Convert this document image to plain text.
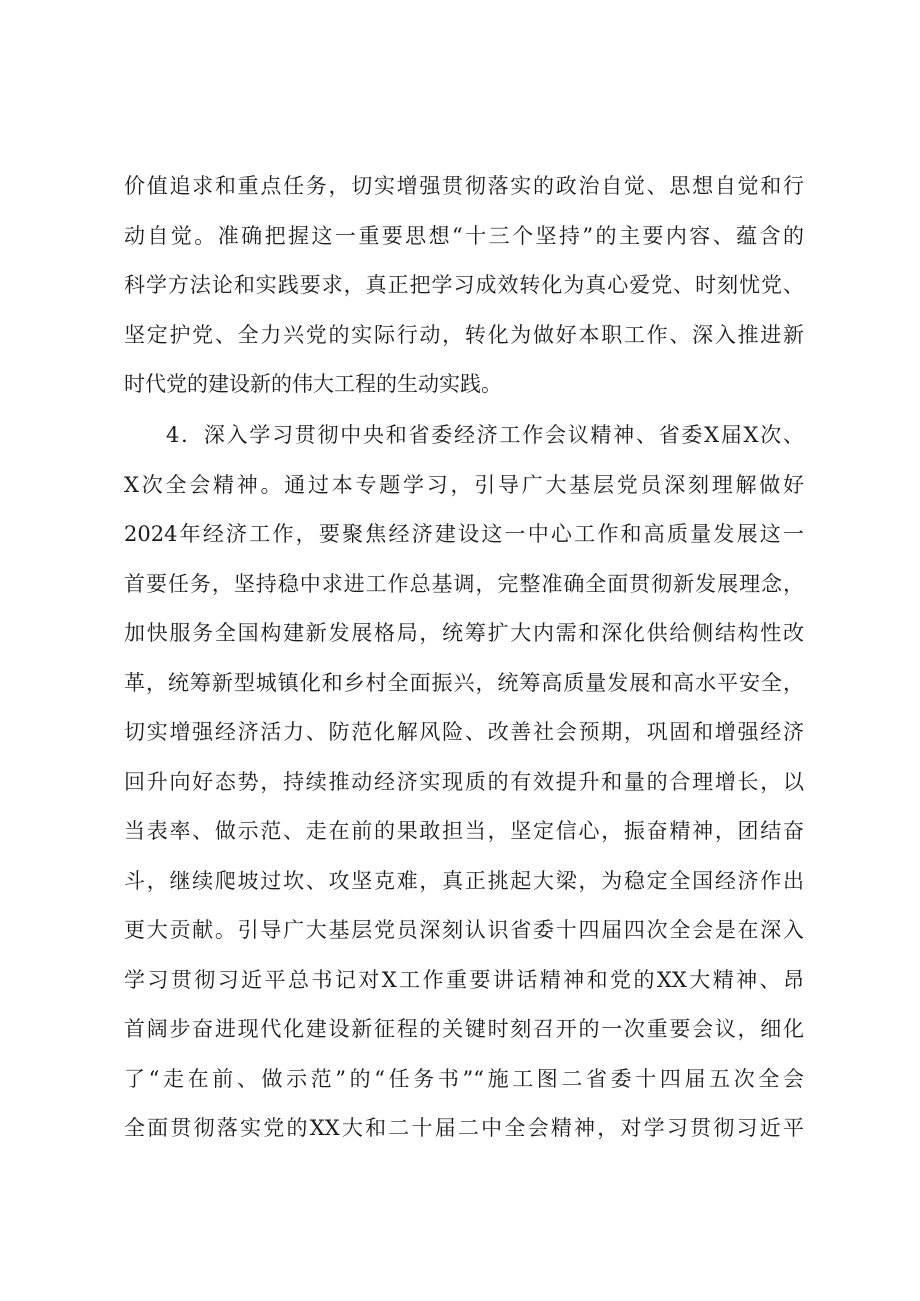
价值追求和重点任务，切实增强贯彻落实的政治自觉、思想自觉和行
动自觉。准确把握这一重要思想“十三个坚持”的主要内容、蕴含的
科学方法论和实践要求，真正把学习成效转化为真心爱党、时刻忧党、
坚定护党、全力兴党的实际行动，转化为做好本职工作、深入推进新
时代党的建设新的伟大工程的生动实践。
4．深入学习贯彻中央和省委经济工作会议精神、省委X届X次、
X次全会精神。通过本专题学习，引导广大基层党员深刻理解做好
2024年经济工作，要聚焦经济建设这一中心工作和高质量发展这一
首要任务，坚持稳中求进工作总基调，完整准确全面贯彻新发展理念，
加快服务全国构建新发展格局，统筹扩大内需和深化供给侧结构性改
革，统筹新型城镇化和乡村全面振兴，统筹高质量发展和高水平安全，
切实增强经济活力、防范化解风险、改善社会预期，巩固和增强经济
回升向好态势，持续推动经济实现质的有效提升和量的合理增长，以
当表率、做示范、走在前的果敢担当，坚定信心，振奋精神，团结奋
斗，继续爬坡过坎、攻坚克难，真正挑起大梁，为稳定全国经济作出
更大贡献。引导广大基层党员深刻认识省委十四届四次全会是在深入
学习贯彻习近平总书记对X工作重要讲话精神和党的XX大精神、昂
首阔步奋进现代化建设新征程的关键时刻召开的一次重要会议，细化
了“走在前、做示范”的“任务书”“施工图二省委十四届五次全会
全面贯彻落实党的XX大和二十届二中全会精神，对学习贯彻习近平
